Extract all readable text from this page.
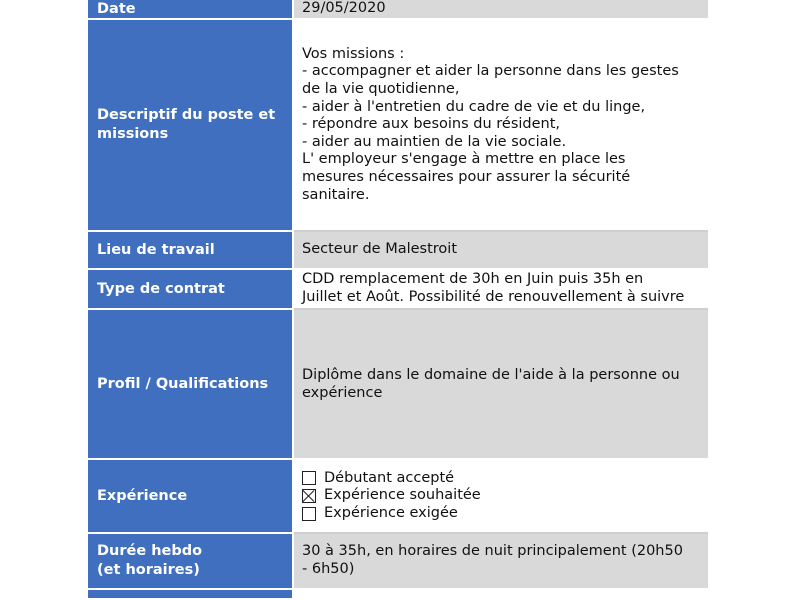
Date	29/05/2020
Descriptif du poste et
missions
Vos missions :
- accompagner et aider la personne dans les gestes
de la vie quotidienne,
- aider à l'entretien du cadre de vie et du linge,
- répondre aux besoins du résident,
- aider au maintien de la vie sociale.
L' employeur s'engage à mettre en place les
mesures nécessaires pour assurer la sécurité
sanitaire.
Lieu de travail	Secteur de Malestroit
Type de contrat
CDD remplacement de 30h en Juin puis 35h en
Juillet et Août. Possibilité de renouvellement à suivre
Profil / Qualifications
Diplôme dans le domaine de l'aide à la personne ou
expérience
Expérience
Débutant accepté
Expérience souhaitée
Expérience exigée
Durée hebdo
(et horaires)
30 à 35h, en horaires de nuit principalement (20h50
- 6h50)
